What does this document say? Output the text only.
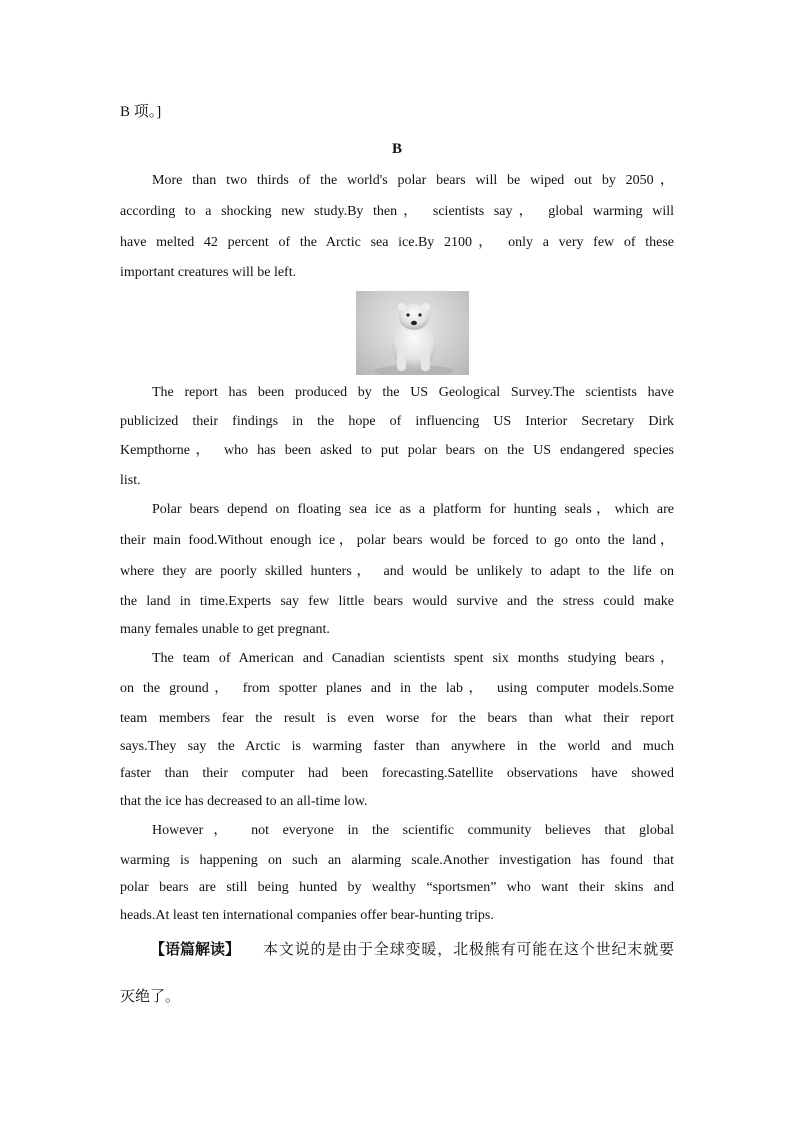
B 项。]
B
More than two thirds of the world's polar bears will be wiped out by 2050，
according to a shocking new study.By then， scientists say， global warming will
have melted 42 percent of the Arctic sea ice.By 2100， only a very few of these
important creatures will be left.
The report has been produced by the US Geological Survey.The scientists have
publicized their findings in the hope of influencing US Interior Secretary Dirk
Kempthorne， who has been asked to put polar bears on the US endangered species
list.
Polar bears depend on floating sea ice as a platform for hunting seals，which are
their main food.Without enough ice，polar bears would be forced to go onto the land，
where they are poorly skilled hunters， and would be unlikely to adapt to the life on
the land in time.Experts say few little bears would survive and the stress could make
many females unable to get pregnant.
The team of American and Canadian scientists spent six months studying bears，
on the ground， from spotter planes and in the lab， using computer models.Some
team members fear the result is even worse for the bears than what their report
says.They say the Arctic is warming faster than anywhere in the world and much
faster than their computer had been forecasting.Satellite observations have showed
that the ice has decreased to an all-time low.
However， not everyone in the scientific community believes that global
warming is happening on such an alarming scale.Another investigation has found that
polar bears are still being hunted by wealthy “sportsmen” who want their skins and
heads.At least ten international companies offer bear-hunting trips.
【语篇解读】 本文说的是由于全球变暖，北极熊有可能在这个世纪末就要
灭绝了。
